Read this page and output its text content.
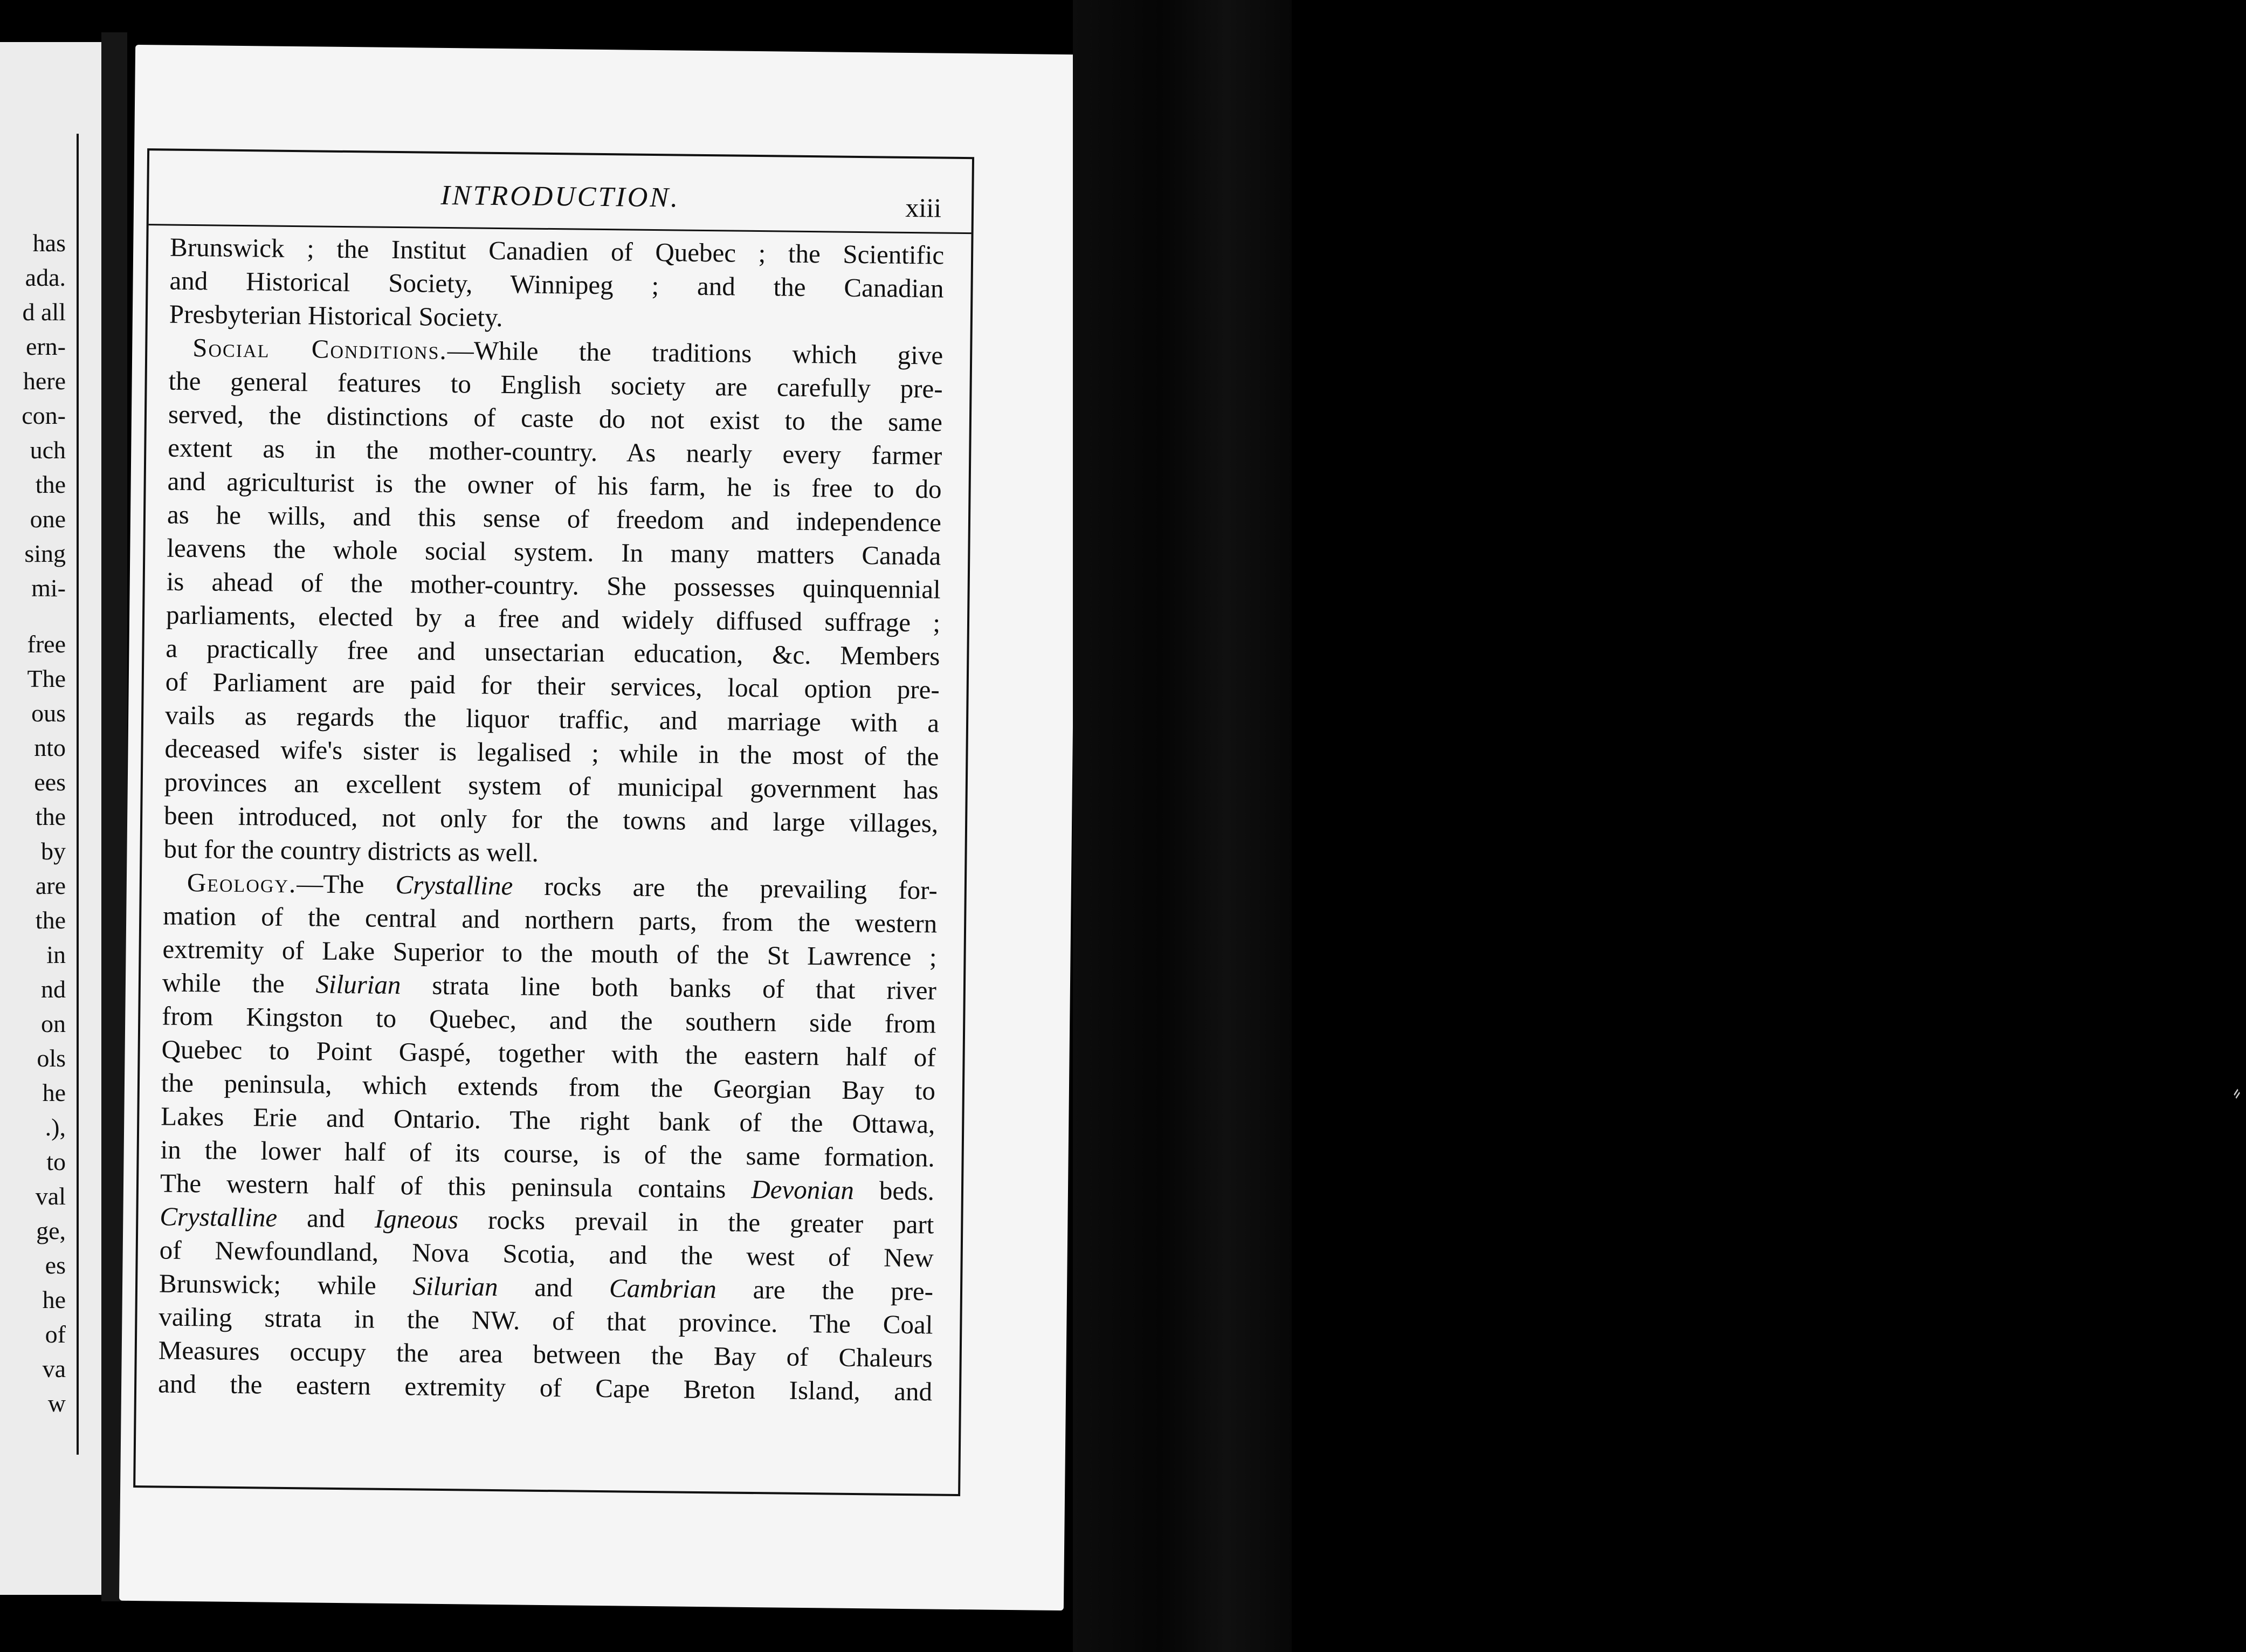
has
ada.
d all
ern-
here
con-
uch
the
one
sing
mi-
free
The
ous
nto
ees
the
by
are
the
in
nd
on
ols
he
.),
to
val
ge,
es
he
of
va
w
INTRODUCTION.	xiii
Brunswick ; the Institut Canadien of Quebec ; the Scientific
and Historical Society, Winnipeg ; and the Canadian
Presbyterian Historical Society.
Social Conditions.—While the traditions which give
the general features to English society are carefully pre-
served, the distinctions of caste do not exist to the same
extent as in the mother-country. As nearly every farmer
and agriculturist is the owner of his farm, he is free to do
as he wills, and this sense of freedom and independence
leavens the whole social system. In many matters Canada
is ahead of the mother-country. She possesses quinquennial
parliaments, elected by a free and widely diffused suffrage ;
a practically free and unsectarian education, &c. Members
of Parliament are paid for their services, local option pre-
vails as regards the liquor traffic, and marriage with a
deceased wife's sister is legalised ; while in the most of the
provinces an excellent system of municipal government has
been introduced, not only for the towns and large villages,
but for the country districts as well.
Geology.—The Crystalline rocks are the prevailing for-
mation of the central and northern parts, from the western
extremity of Lake Superior to the mouth of the St Lawrence ;
while the Silurian strata line both banks of that river
from Kingston to Quebec, and the southern side from
Quebec to Point Gaspé, together with the eastern half of
the peninsula, which extends from the Georgian Bay to
Lakes Erie and Ontario. The right bank of the Ottawa,
in the lower half of its course, is of the same formation.
The western half of this peninsula contains Devonian beds.
Crystalline and Igneous rocks prevail in the greater part
of Newfoundland, Nova Scotia, and the west of New
Brunswick; while Silurian and Cambrian are the pre-
vailing strata in the NW. of that province. The Coal
Measures occupy the area between the Bay of Chaleurs
and the eastern extremity of Cape Breton Island, and
⸗
